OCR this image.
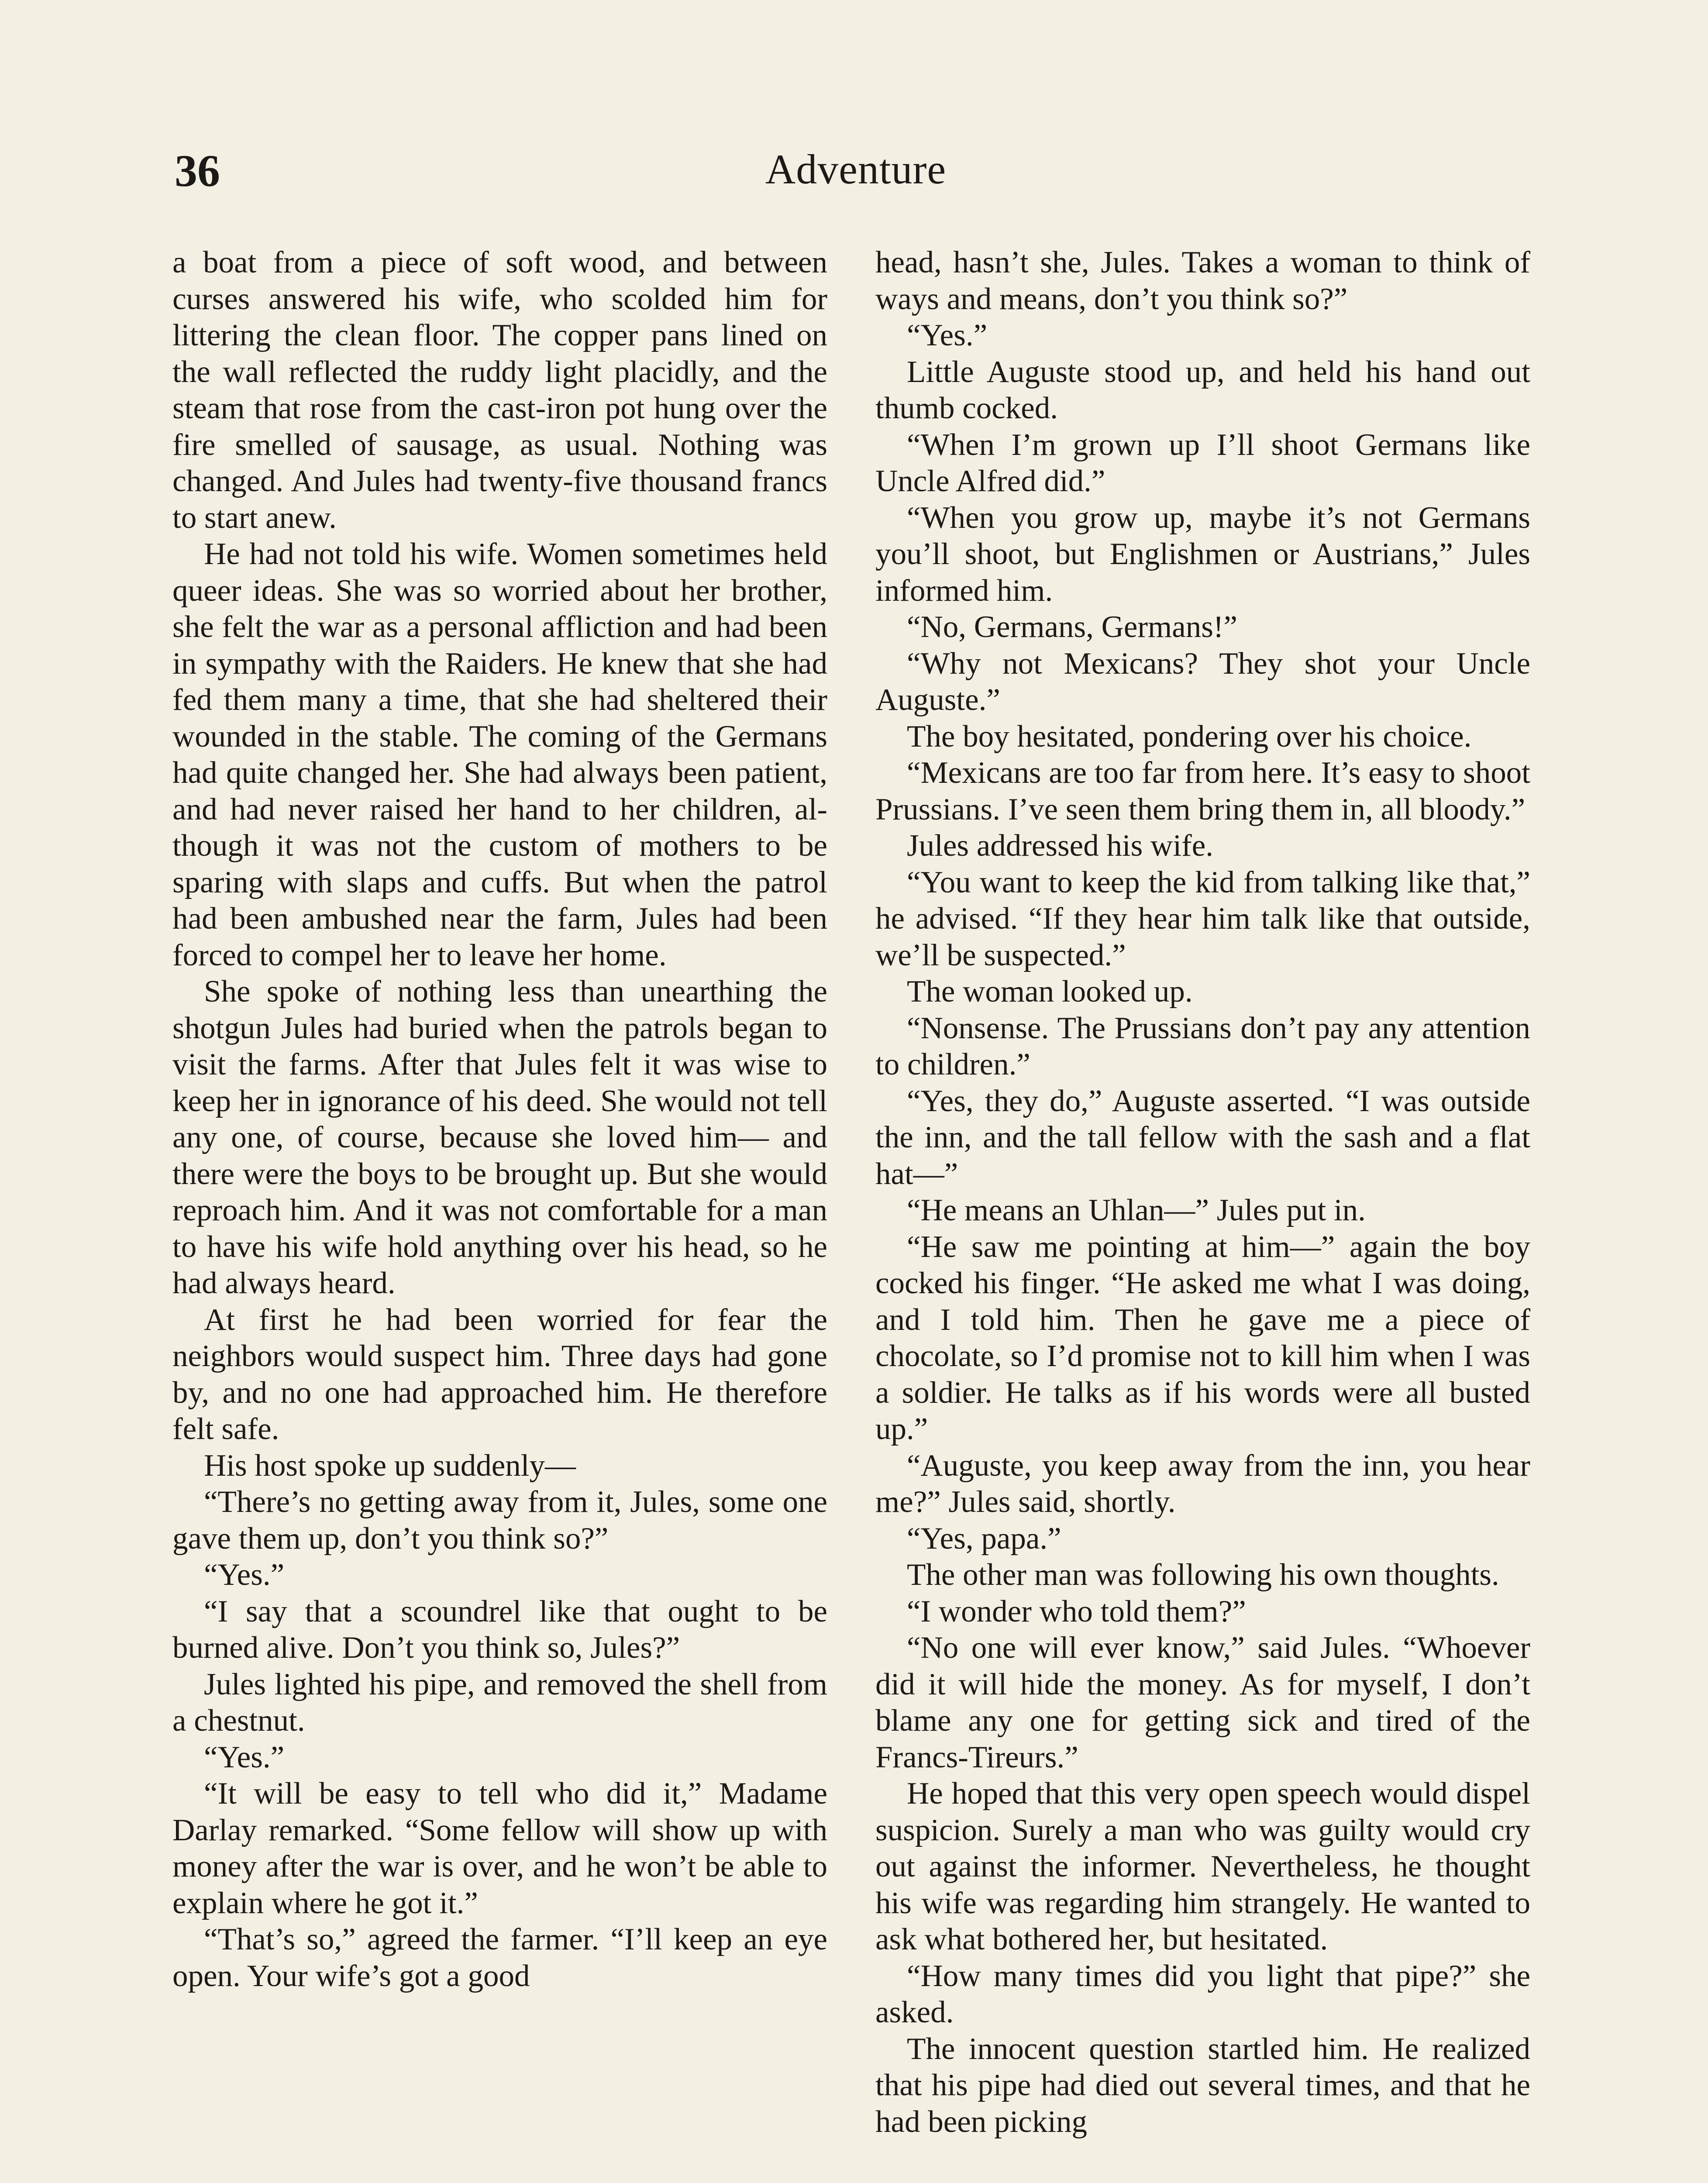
36	Adventure

a boat from a piece of soft wood, and between curses answered his wife, who scolded him for littering the clean floor. The copper pans lined on the wall reflected the ruddy light placidly, and the steam that rose from the cast-iron pot hung over the fire smelled of sausage, as usual. Nothing was changed. And Jules had twenty-five thousand francs to start anew.

He had not told his wife. Women sometimes held queer ideas. She was so worried about her brother, she felt the war as a personal affliction and had been in sympathy with the Raiders. He knew that she had fed them many a time, that she had sheltered their wounded in the stable. The coming of the Germans had quite changed her. She had always been patient, and had never raised her hand to her children, although it was not the custom of mothers to be sparing with slaps and cuffs. But when the patrol had been ambushed near the farm, Jules had been forced to compel her to leave her home.

She spoke of nothing less than unearthing the shotgun Jules had buried when the patrols began to visit the farms. After that Jules felt it was wise to keep her in ignorance of his deed. She would not tell any one, of course, because she loved him— and there were the boys to be brought up. But she would reproach him. And it was not comfortable for a man to have his wife hold anything over his head, so he had always heard.

At first he had been worried for fear the neighbors would suspect him. Three days had gone by, and no one had approached him. He therefore felt safe.

His host spoke up suddenly—

“There’s no getting away from it, Jules, some one gave them up, don’t you think so?”

“Yes.”

“I say that a scoundrel like that ought to be burned alive. Don’t you think so, Jules?”

Jules lighted his pipe, and removed the shell from a chestnut.

“Yes.”

“It will be easy to tell who did it,” Madame Darlay remarked. “Some fellow will show up with money after the war is over, and he won’t be able to explain where he got it.”

“That’s so,” agreed the farmer. “I’ll keep an eye open. Your wife’s got a good

head, hasn’t she, Jules. Takes a woman to think of ways and means, don’t you think so?”

“Yes.”

Little Auguste stood up, and held his hand out thumb cocked.

“When I’m grown up I’ll shoot Germans like Uncle Alfred did.”

“When you grow up, maybe it’s not Germans you’ll shoot, but Englishmen or Austrians,” Jules informed him.

“No, Germans, Germans!”

“Why not Mexicans? They shot your Uncle Auguste.”

The boy hesitated, pondering over his choice.

“Mexicans are too far from here. It’s easy to shoot Prussians. I’ve seen them bring them in, all bloody.”

Jules addressed his wife.

“You want to keep the kid from talking like that,” he advised. “If they hear him talk like that outside, we’ll be suspected.”

The woman looked up.

“Nonsense. The Prussians don’t pay any attention to children.”

“Yes, they do,” Auguste asserted. “I was outside the inn, and the tall fellow with the sash and a flat hat—”

“He means an Uhlan—” Jules put in.

“He saw me pointing at him—” again the boy cocked his finger. “He asked me what I was doing, and I told him. Then he gave me a piece of chocolate, so I’d promise not to kill him when I was a soldier. He talks as if his words were all busted up.”

“Auguste, you keep away from the inn, you hear me?” Jules said, shortly.

“Yes, papa.”

The other man was following his own thoughts.

“I wonder who told them?”

“No one will ever know,” said Jules. “Whoever did it will hide the money. As for myself, I don’t blame any one for getting sick and tired of the Francs-Tireurs.”

He hoped that this very open speech would dispel suspicion. Surely a man who was guilty would cry out against the informer. Nevertheless, he thought his wife was regarding him strangely. He wanted to ask what bothered her, but hesitated.

“How many times did you light that pipe?” she asked.

The innocent question startled him. He realized that his pipe had died out several times, and that he had been picking
